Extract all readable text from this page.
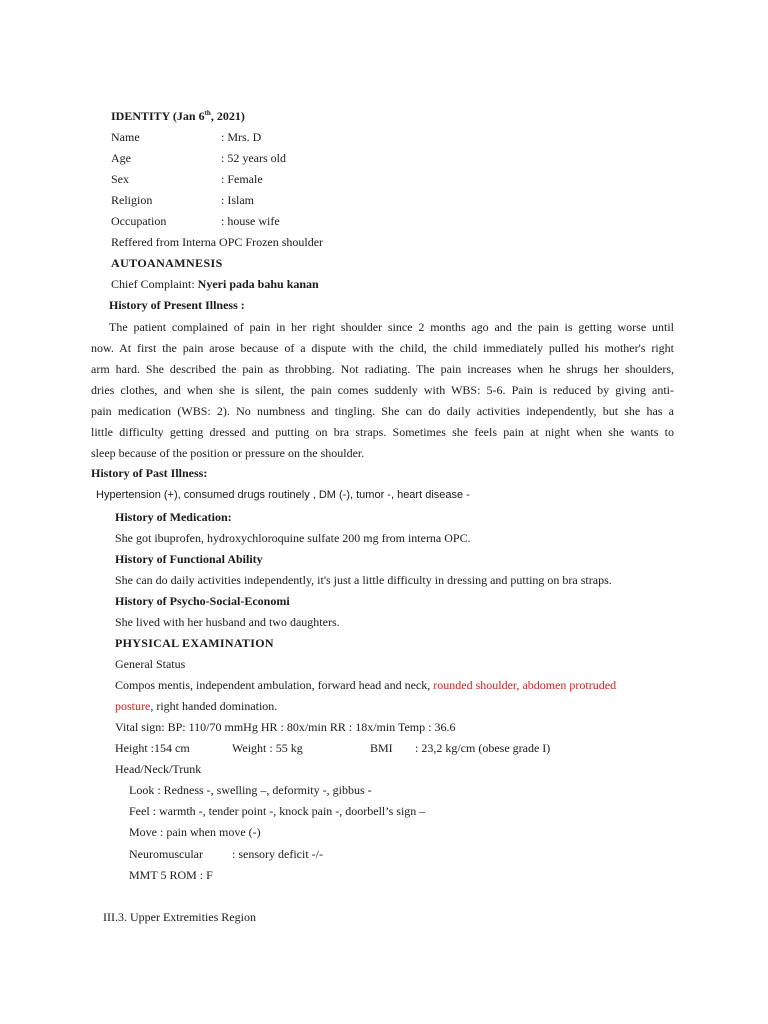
IDENTITY (Jan 6th, 2021)
Name	: Mrs. D
Age	: 52 years old
Sex	: Female
Religion	: Islam
Occupation	: house wife
Reffered from Interna OPC Frozen shoulder
AUTOANAMNESIS
Chief Complaint: Nyeri pada bahu kanan
History of Present Illness :
The patient complained of pain in her right shoulder since 2 months ago and the pain is getting worse until
now. At first the pain arose because of a dispute with the child, the child immediately pulled his mother's right
arm hard. She described the pain as throbbing. Not radiating. The pain increases when he shrugs her shoulders,
dries clothes, and when she is silent, the pain comes suddenly with WBS: 5-6. Pain is reduced by giving anti-
pain medication (WBS: 2). No numbness and tingling. She can do daily activities independently, but she has a
little difficulty getting dressed and putting on bra straps. Sometimes she feels pain at night when she wants to
sleep because of the position or pressure on the shoulder.
History of Past Illness:
Hypertension (+), consumed drugs routinely , DM (-), tumor -, heart disease -
History of Medication:
She got ibuprofen, hydroxychloroquine sulfate 200 mg from interna OPC.
History of Functional Ability
She can do daily activities independently, it's just a little difficulty in dressing and putting on bra straps.
History of Psycho-Social-Economi
She lived with her husband and two daughters.
PHYSICAL EXAMINATION
General Status
Compos mentis, independent ambulation, forward head and neck, rounded shoulder, abdomen protruded
posture, right handed domination.
Vital sign: BP: 110/70 mmHg HR : 80x/min RR : 18x/min Temp : 36.6
Height :154 cm	Weight : 55 kg	BMI : 23,2 kg/cm (obese grade I)
Head/Neck/Trunk
Look : Redness -, swelling –, deformity -, gibbus -
Feel : warmth -, tender point -, knock pain -, doorbell’s sign –
Move : pain when move (-)
Neuromuscular : sensory deficit -/-
MMT 5 ROM : F
III.3. Upper Extremities Region
